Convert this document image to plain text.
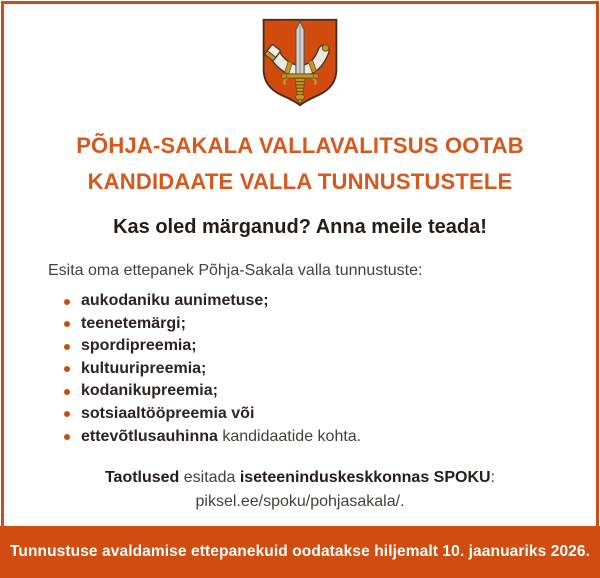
PÕHJA-SAKALA VALLAVALITSUS OOTAB
KANDIDAATE VALLA TUNNUSTUSTELE
Kas oled märganud? Anna meile teada!
Esita oma ettepanek Põhja-Sakala valla tunnustuste:
aukodaniku aunimetuse;
teenetemärgi;
spordipreemia;
kultuuripreemia;
kodanikupreemia;
sotsiaaltööpreemia või
ettevõtlusauhinna kandidaatide kohta.
Taotlused esitada iseteeninduskeskkonnas SPOKU:
piksel.ee/spoku/pohjasakala/.
Tunnustuse avaldamise ettepanekuid oodatakse hiljemalt 10. jaanuariks 2026.
